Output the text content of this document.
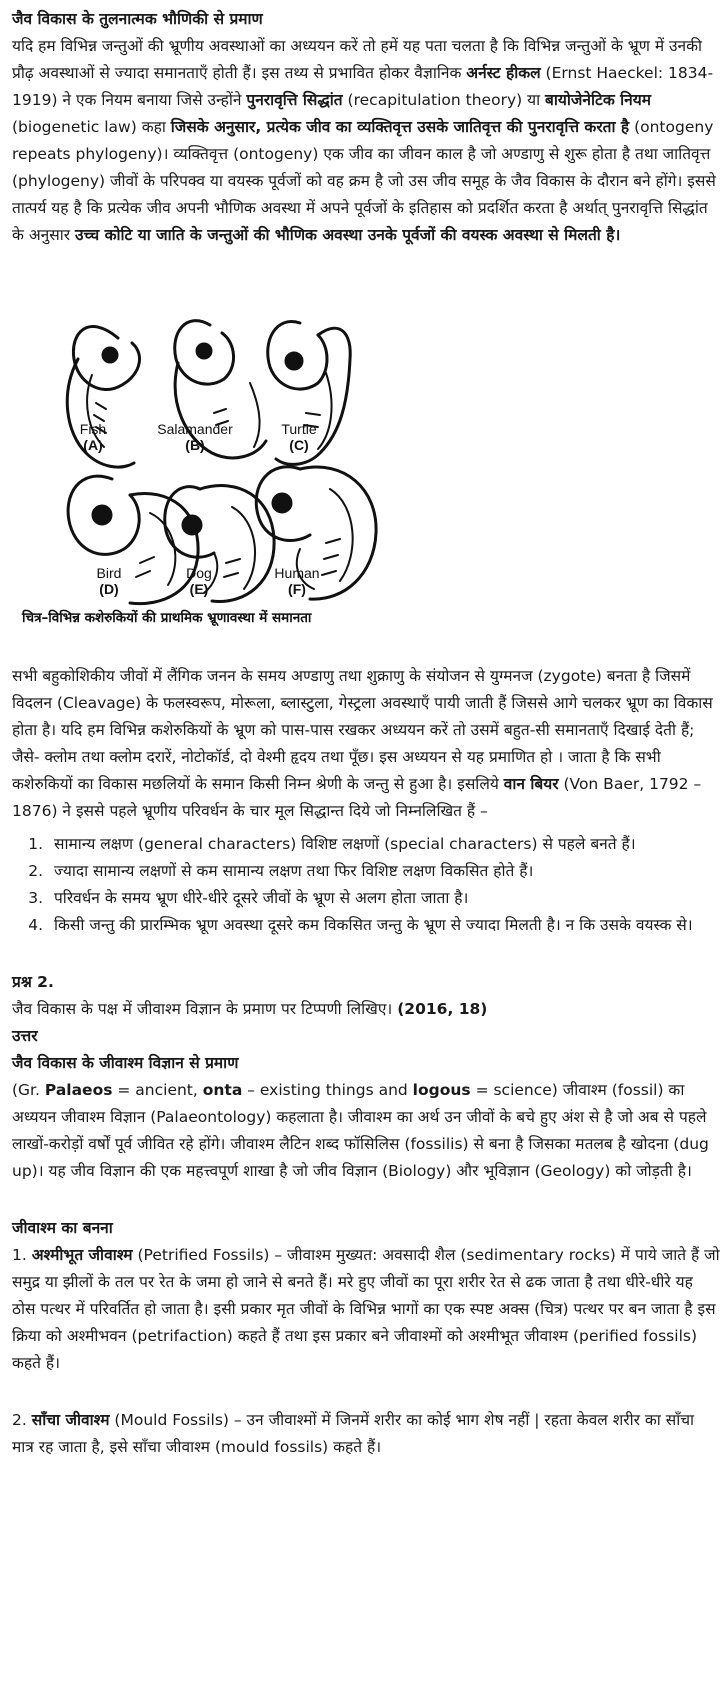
जैव विकास के तुलनात्मक भौणिकी से प्रमाण

यदि हम विभिन्न जन्तुओं की भ्रूणीय अवस्थाओं का अध्ययन करें तो हमें यह पता चलता है कि विभिन्न जन्तुओं के भ्रूण में उनकी प्रौढ़ अवस्थाओं से ज्यादा समानताएँ होती हैं। इस तथ्य से प्रभावित होकर वैज्ञानिक अर्नस्ट हीकल (Ernst Haeckel: 1834-1919) ने एक नियम बनाया जिसे उन्होंने पुनरावृत्ति सिद्धांत (recapitulation theory) या बायोजेनेटिक नियम (biogenetic law) कहा जिसके अनुसार, प्रत्येक जीव का व्यक्तिवृत्त उसके जातिवृत्त की पुनरावृत्ति करता है (ontogeny repeats phylogeny)। व्यक्तिवृत्त (ontogeny) एक जीव का जीवन काल है जो अण्डाणु से शुरू होता है तथा जातिवृत्त (phylogeny) जीवों के परिपक्व या वयस्क पूर्वजों को वह क्रम है जो उस जीव समूह के जैव विकास के दौरान बने होंगे। इससे तात्पर्य यह है कि प्रत्येक जीव अपनी भौणिक अवस्था में अपने पूर्वजों के इतिहास को प्रदर्शित करता है अर्थात् पुनरावृत्ति सिद्धांत के अनुसार उच्च कोटि या जाति के जन्तुओं की भौणिक अवस्था उनके पूर्वजों की वयस्क अवस्था से मिलती है।

Fish
(A)
Salamander
(B)
Turtle
(C)
Bird
(D)
Dog
(E)
Human
(F)
चित्र–विभिन्न कशेरुकियों की प्राथमिक भ्रूणावस्था में समानता

सभी बहुकोशिकीय जीवों में लैंगिक जनन के समय अण्डाणु तथा शुक्राणु के संयोजन से युग्मनज (zygote) बनता है जिसमें विदलन (Cleavage) के फलस्वरूप, मोरूला, ब्लास्टुला, गेस्ट्रला अवस्थाएँ पायी जाती हैं जिससे आगे चलकर भ्रूण का विकास होता है। यदि हम विभिन्न कशेरुकियों के भ्रूण को पास-पास रखकर अध्ययन करें तो उसमें बहुत-सी समानताएँ दिखाई देती हैं; जैसे- क्लोम तथा क्लोम दरारें, नोटोकॉर्ड, दो वेश्मी हृदय तथा पूँछ। इस अध्ययन से यह प्रमाणित हो । जाता है कि सभी कशेरुकियों का विकास मछलियों के समान किसी निम्न श्रेणी के जन्तु से हुआ है। इसलिये वान बियर (Von Baer, 1792 – 1876) ने इससे पहले भ्रूणीय परिवर्धन के चार मूल सिद्धान्त दिये जो निम्नलिखित हैं –

1. सामान्य लक्षण (general characters) विशिष्ट लक्षणों (special characters) से पहले बनते हैं।
2. ज्यादा सामान्य लक्षणों से कम सामान्य लक्षण तथा फिर विशिष्ट लक्षण विकसित होते हैं।
3. परिवर्धन के समय भ्रूण धीरे-धीरे दूसरे जीवों के भ्रूण से अलग होता जाता है।
4. किसी जन्तु की प्रारम्भिक भ्रूण अवस्था दूसरे कम विकसित जन्तु के भ्रूण से ज्यादा मिलती है। न कि उसके वयस्क से।

प्रश्न 2.

जैव विकास के पक्ष में जीवाश्म विज्ञान के प्रमाण पर टिप्पणी लिखिए। (2016, 18)

उत्तर

जैव विकास के जीवाश्म विज्ञान से प्रमाण

(Gr. Palaeos = ancient, onta – existing things and logous = science) जीवाश्म (fossil) का अध्ययन जीवाश्म विज्ञान (Palaeontology) कहलाता है। जीवाश्म का अर्थ उन जीवों के बचे हुए अंश से है जो अब से पहले लाखों-करोड़ों वर्षों पूर्व जीवित रहे होंगे। जीवाश्म लैटिन शब्द फॉसिलिस (fossilis) से बना है जिसका मतलब है खोदना (dug up)। यह जीव विज्ञान की एक महत्त्वपूर्ण शाखा है जो जीव विज्ञान (Biology) और भूविज्ञान (Geology) को जोड़ती है।

जीवाश्म का बनना

1. अश्मीभूत जीवाश्म (Petrified Fossils) – जीवाश्म मुख्यत: अवसादी शैल (sedimentary rocks) में पाये जाते हैं जो समुद्र या झीलों के तल पर रेत के जमा हो जाने से बनते हैं। मरे हुए जीवों का पूरा शरीर रेत से ढक जाता है तथा धीरे-धीरे यह ठोस पत्थर में परिवर्तित हो जाता है। इसी प्रकार मृत जीवों के विभिन्न भागों का एक स्पष्ट अक्स (चित्र) पत्थर पर बन जाता है इस क्रिया को अश्मीभवन (petrifaction) कहते हैं तथा इस प्रकार बने जीवाश्मों को अश्मीभूत जीवाश्म (perified fossils) कहते हैं।

2. साँचा जीवाश्म (Mould Fossils) – उन जीवाश्मों में जिनमें शरीर का कोई भाग शेष नहीं | रहता केवल शरीर का साँचा मात्र रह जाता है, इसे साँचा जीवाश्म (mould fossils) कहते हैं।
